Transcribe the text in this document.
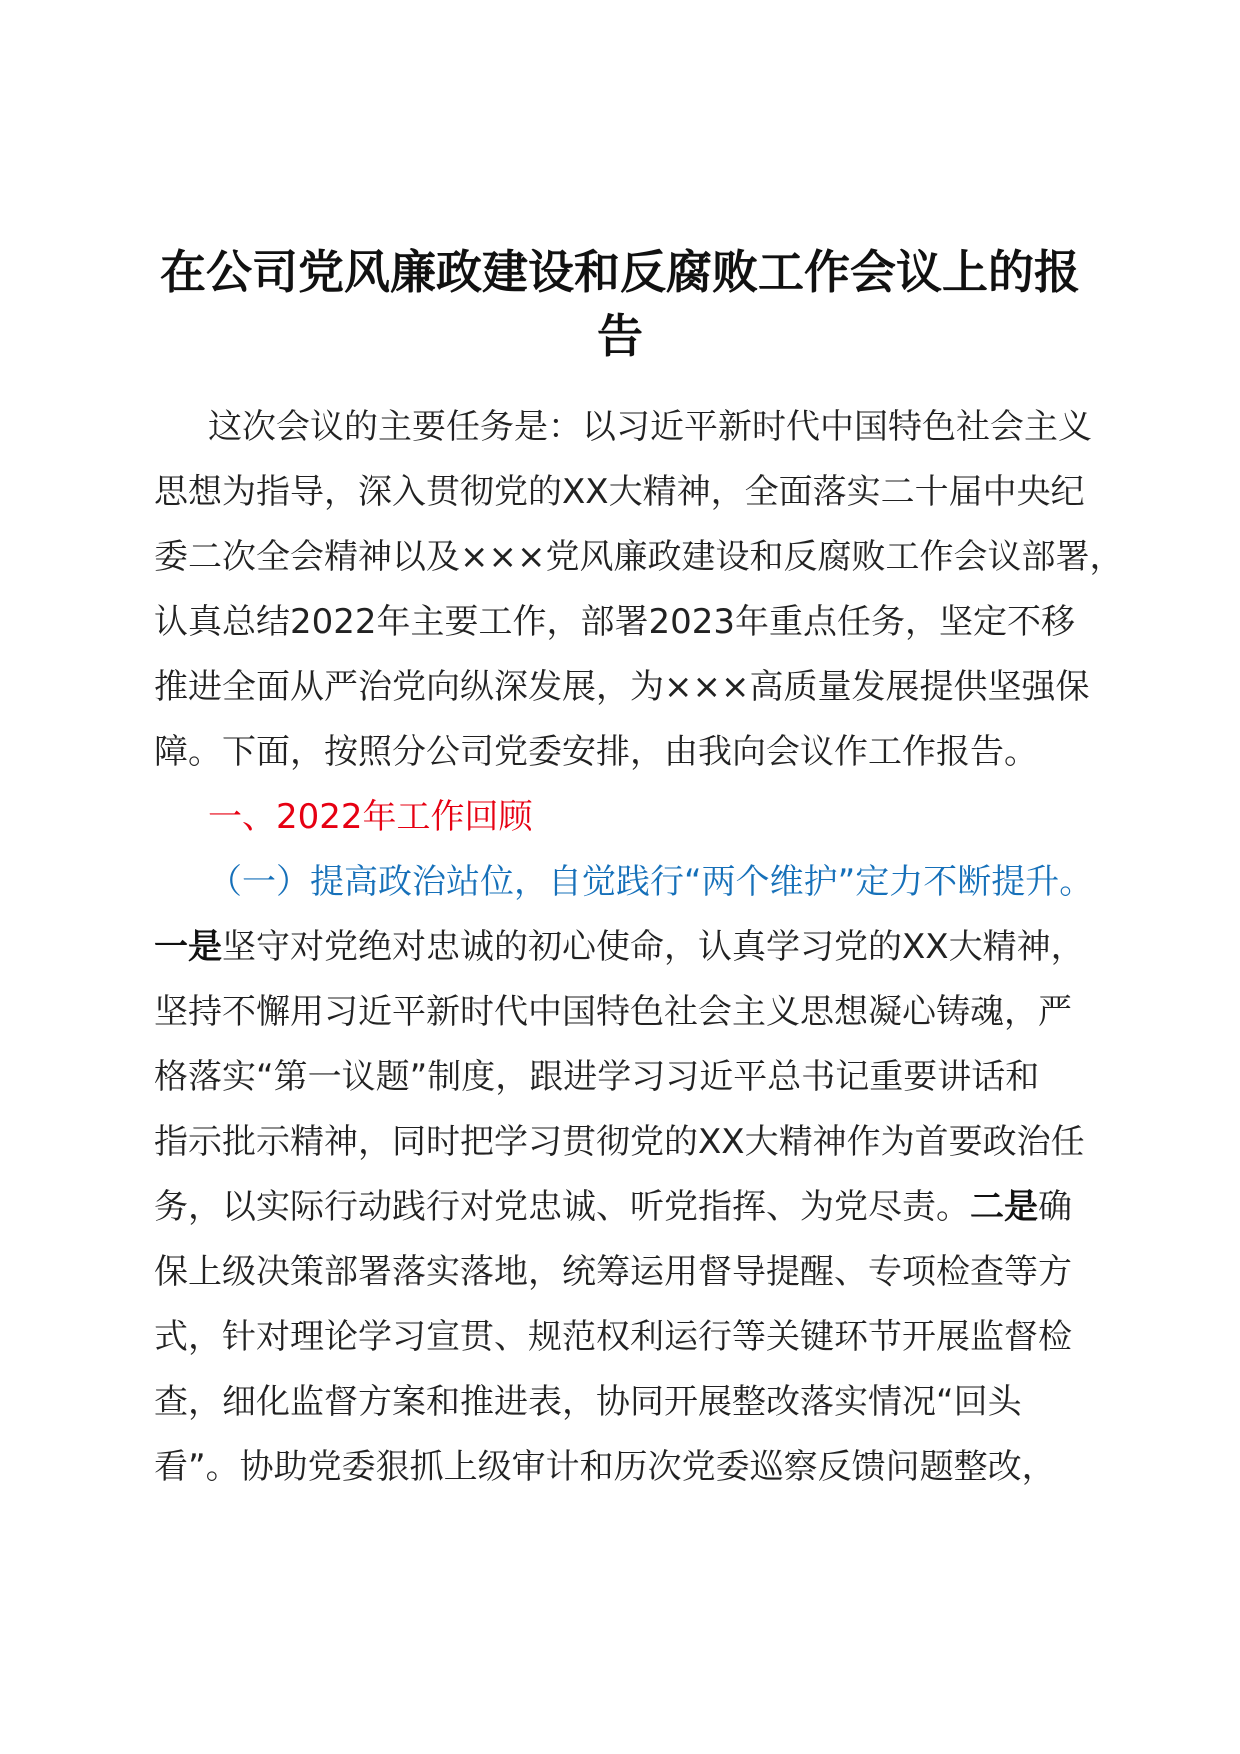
在公司党风廉政建设和反腐败工作会议上的报
告
这次会议的主要任务是：以习近平新时代中国特色社会主义
思想为指导，深入贯彻党的XX大精神，全面落实二十届中央纪
委二次全会精神以及×××党风廉政建设和反腐败工作会议部署，
认真总结2022年主要工作，部署2023年重点任务，坚定不移
推进全面从严治党向纵深发展，为×××高质量发展提供坚强保
障。下面，按照分公司党委安排，由我向会议作工作报告。
一、2022年工作回顾
（一）提高政治站位，自觉践行“两个维护”定力不断提升。
一是坚守对党绝对忠诚的初心使命，认真学习党的XX大精神，
坚持不懈用习近平新时代中国特色社会主义思想凝心铸魂，严
格落实“第一议题”制度，跟进学习习近平总书记重要讲话和
指示批示精神，同时把学习贯彻党的XX大精神作为首要政治任
务，以实际行动践行对党忠诚、听党指挥、为党尽责。二是确
保上级决策部署落实落地，统筹运用督导提醒、专项检查等方
式，针对理论学习宣贯、规范权利运行等关键环节开展监督检
查，细化监督方案和推进表，协同开展整改落实情况“回头
看”。协助党委狠抓上级审计和历次党委巡察反馈问题整改，
